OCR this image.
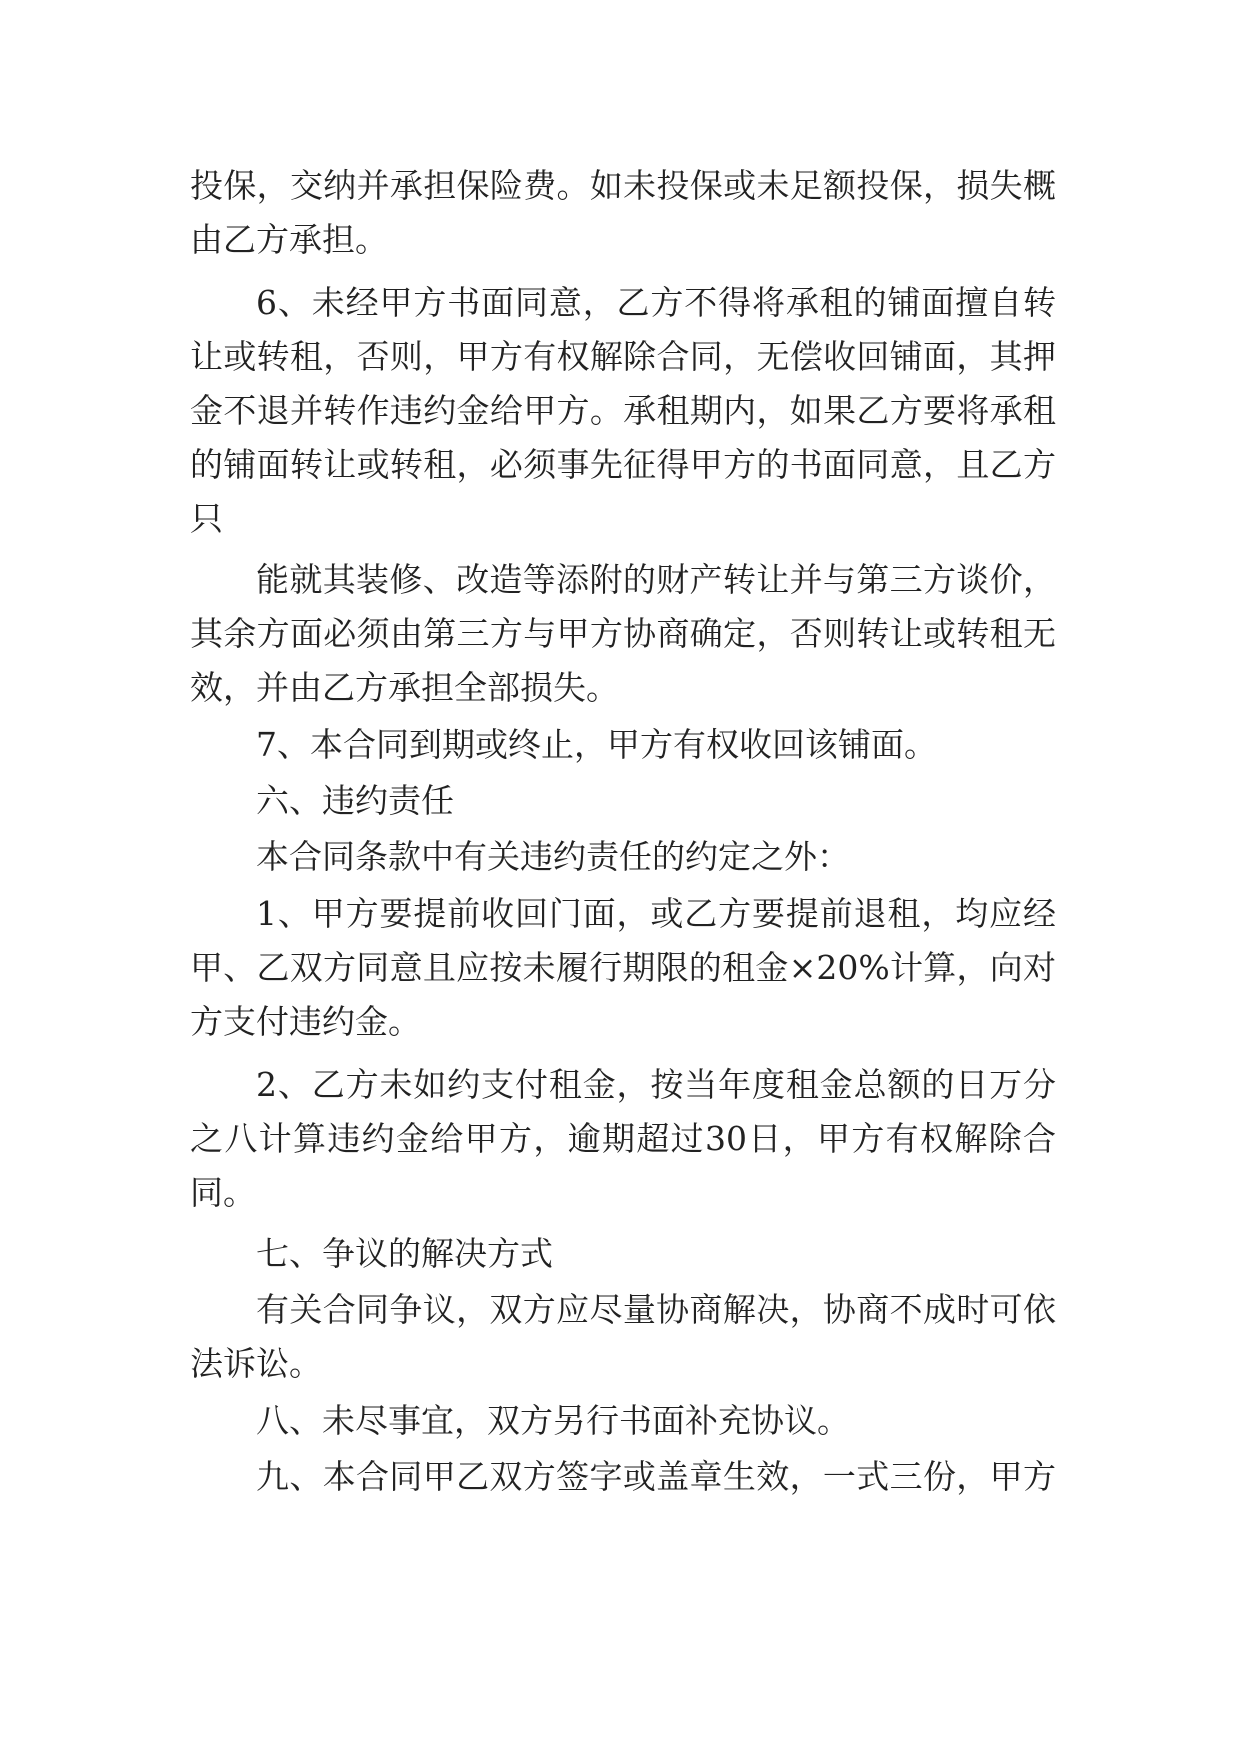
投保，交纳并承担保险费。如未投保或未足额投保，损失概
由乙方承担。
6、未经甲方书面同意，乙方不得将承租的铺面擅自转
让或转租，否则，甲方有权解除合同，无偿收回铺面，其押
金不退并转作违约金给甲方。承租期内，如果乙方要将承租
的铺面转让或转租，必须事先征得甲方的书面同意，且乙方
只
能就其装修、改造等添附的财产转让并与第三方谈价，
其余方面必须由第三方与甲方协商确定，否则转让或转租无
效，并由乙方承担全部损失。
7、本合同到期或终止，甲方有权收回该铺面。
六、违约责任
本合同条款中有关违约责任的约定之外：
1、甲方要提前收回门面，或乙方要提前退租，均应经
甲、乙双方同意且应按未履行期限的租金×20%计算，向对
方支付违约金。
2、乙方未如约支付租金，按当年度租金总额的日万分
之八计算违约金给甲方，逾期超过30日，甲方有权解除合
同。
七、争议的解决方式
有关合同争议，双方应尽量协商解决，协商不成时可依
法诉讼。
八、未尽事宜，双方另行书面补充协议。
九、本合同甲乙双方签字或盖章生效，一式三份，甲方
